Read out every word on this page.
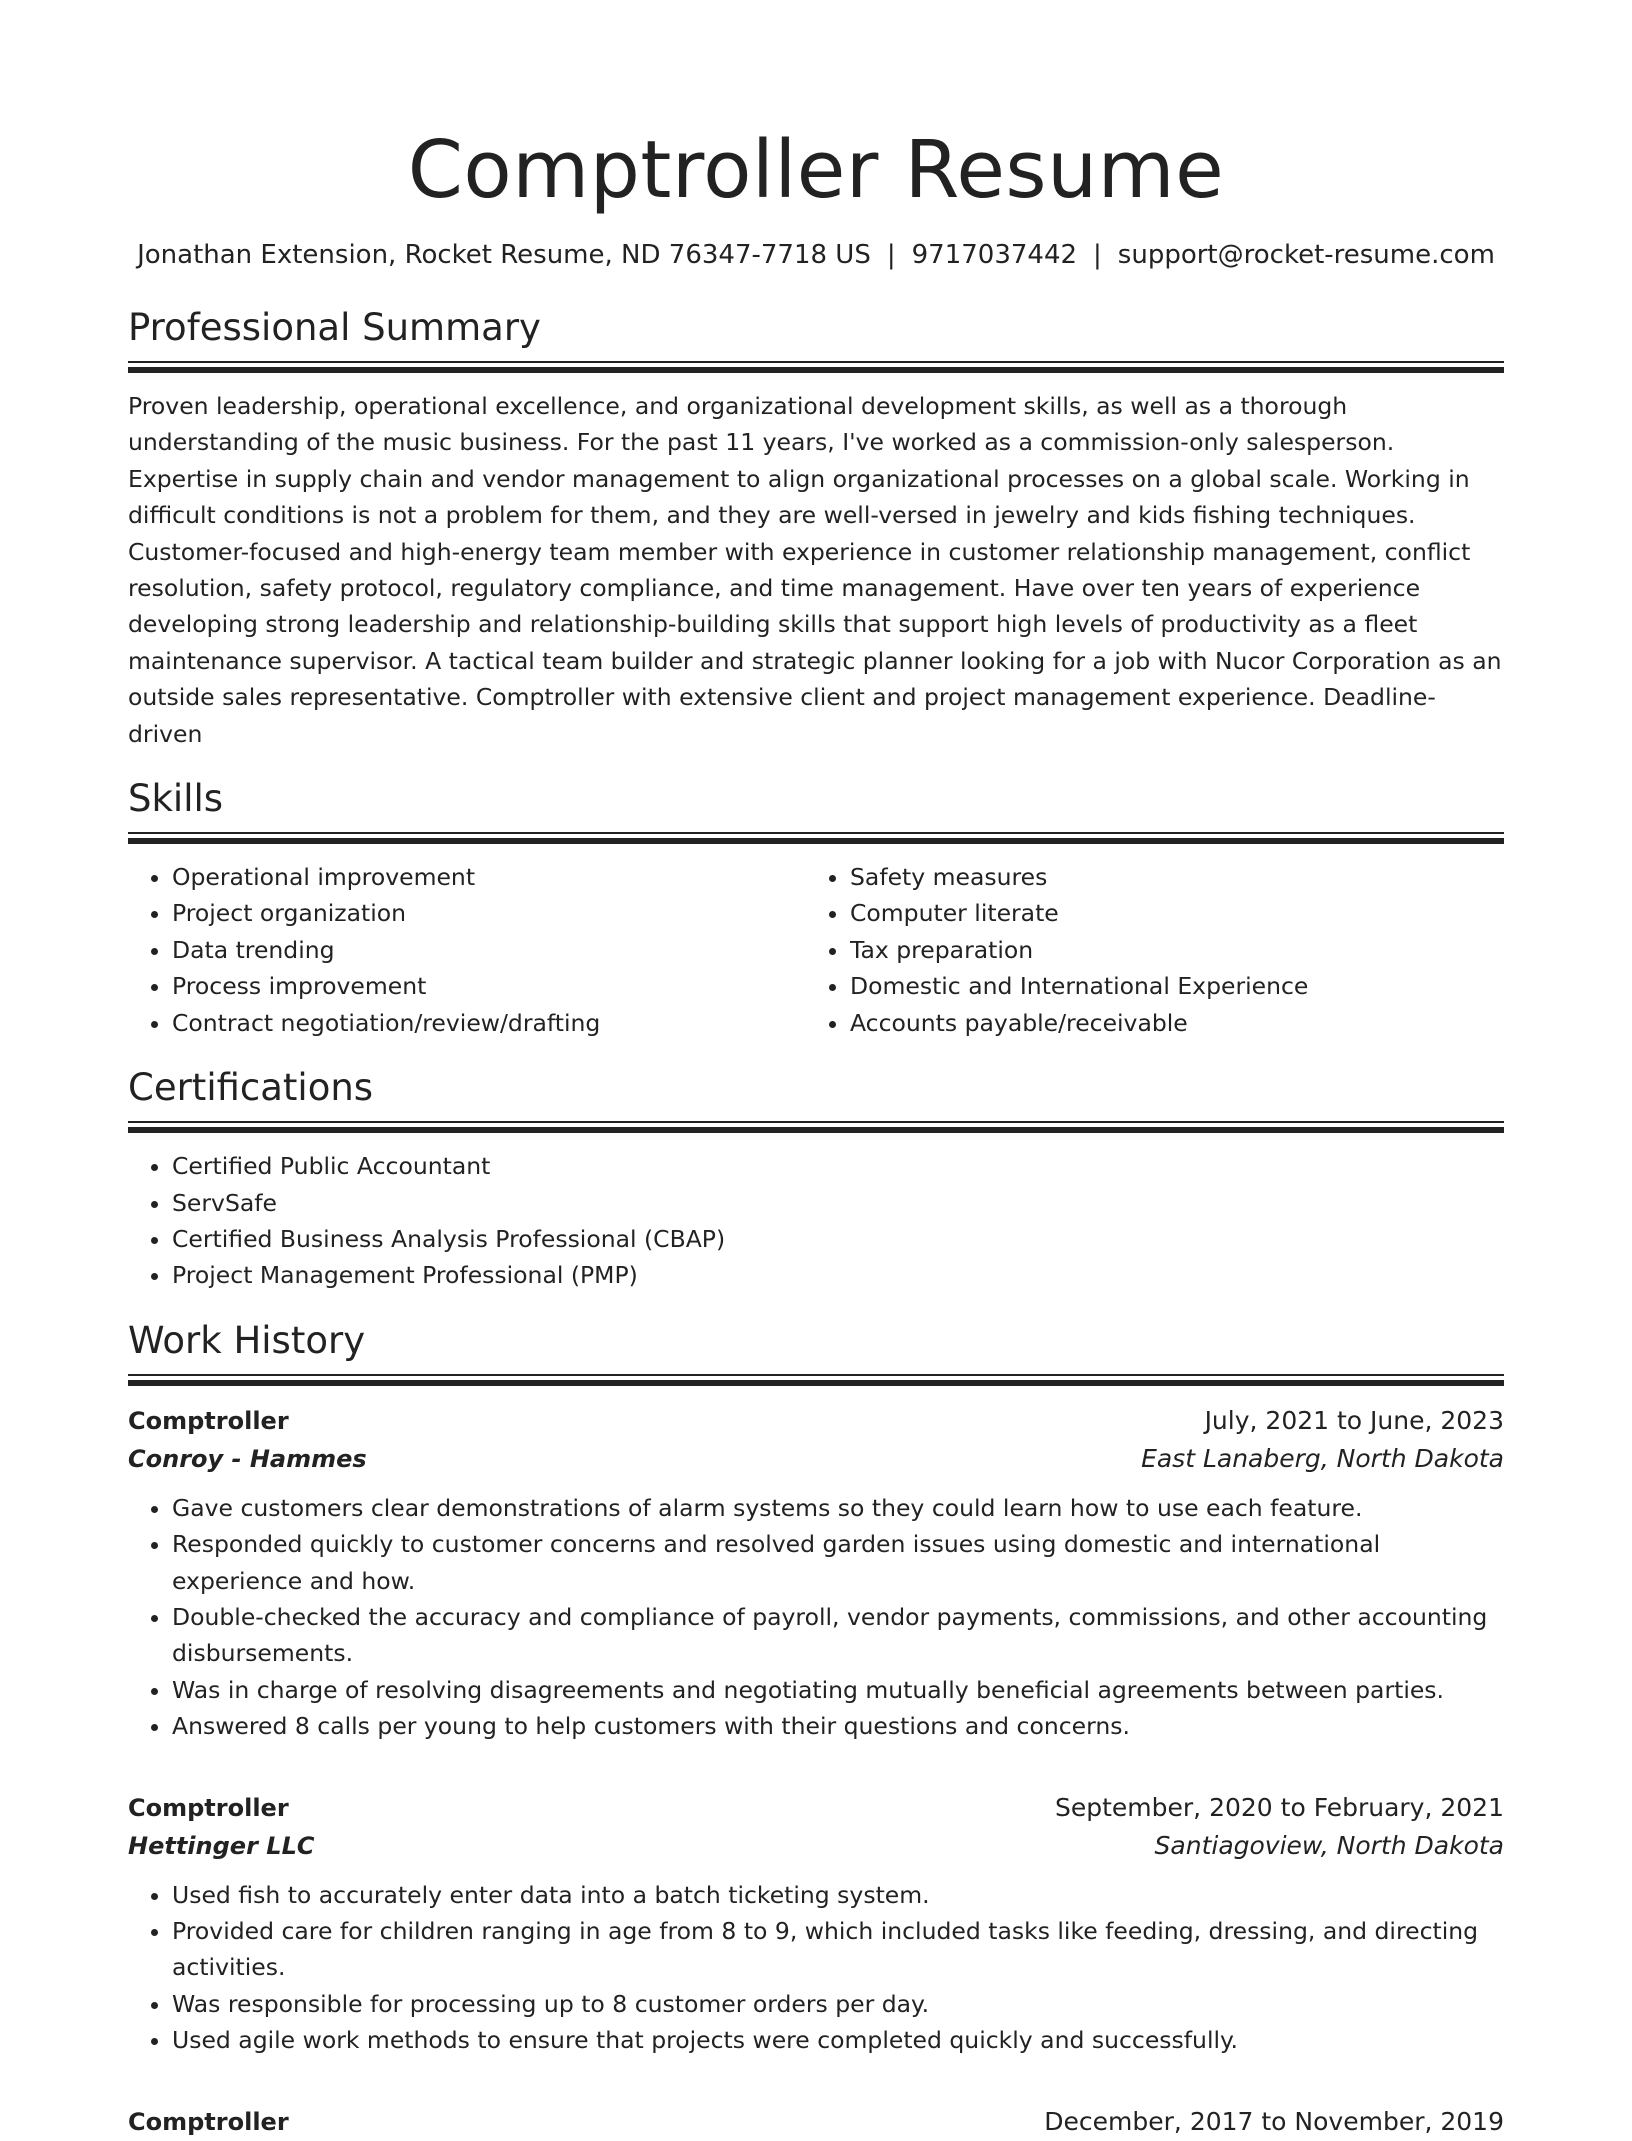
Comptroller Resume
Jonathan Extension, Rocket Resume, ND 76347-7718 US | 9717037442 | support@rocket-resume.com
Professional Summary

Proven leadership, operational excellence, and organizational development skills, as well as a thorough understanding of the music business. For the past 11 years, I've worked as a commission-only salesperson. Expertise in supply chain and vendor management to align organizational processes on a global scale. Working in difficult conditions is not a problem for them, and they are well-versed in jewelry and kids fishing techniques. Customer-focused and high-energy team member with experience in customer relationship management, conflict resolution, safety protocol, regulatory compliance, and time management. Have over ten years of experience developing strong leadership and relationship-building skills that support high levels of productivity as a fleet maintenance supervisor. A tactical team builder and strategic planner looking for a job with Nucor Corporation as an outside sales representative. Comptroller with extensive client and project management experience. Deadline-driven

Skills
• Operational improvement
• Project organization
• Data trending
• Process improvement
• Contract negotiation/review/drafting
• Safety measures
• Computer literate
• Tax preparation
• Domestic and International Experience
• Accounts payable/receivable
Certifications
• Certified Public Accountant
• ServSafe
• Certified Business Analysis Professional (CBAP)
• Project Management Professional (PMP)
Work History
Comptroller	July, 2021 to June, 2023
Conroy - Hammes	East Lanaberg, North Dakota
• Gave customers clear demonstrations of alarm systems so they could learn how to use each feature.
• Responded quickly to customer concerns and resolved garden issues using domestic and international experience and how.
• Double-checked the accuracy and compliance of payroll, vendor payments, commissions, and other accounting disbursements.
• Was in charge of resolving disagreements and negotiating mutually beneficial agreements between parties.
• Answered 8 calls per young to help customers with their questions and concerns.
Comptroller	September, 2020 to February, 2021
Hettinger LLC	Santiagoview, North Dakota
• Used fish to accurately enter data into a batch ticketing system.
• Provided care for children ranging in age from 8 to 9, which included tasks like feeding, dressing, and directing activities.
• Was responsible for processing up to 8 customer orders per day.
• Used agile work methods to ensure that projects were completed quickly and successfully.
Comptroller	December, 2017 to November, 2019
